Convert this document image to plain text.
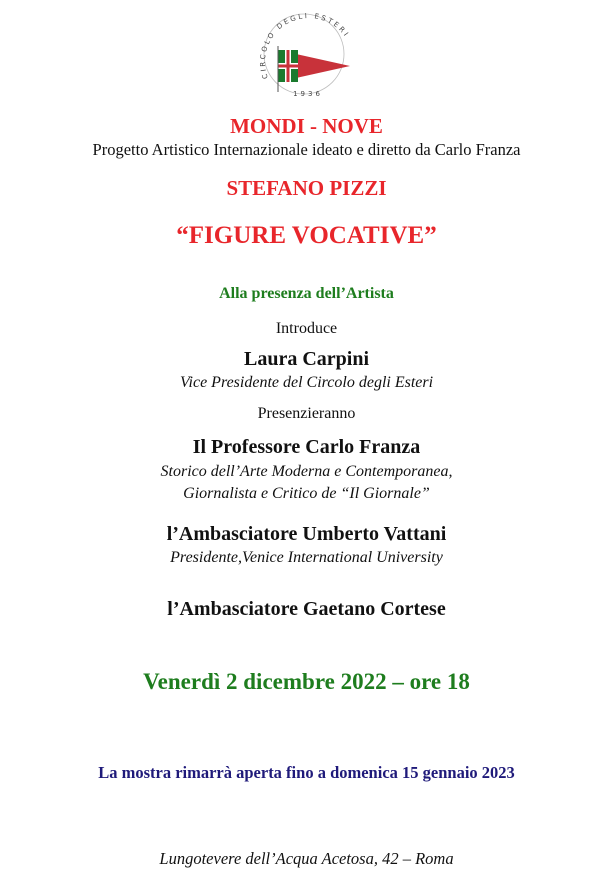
CIRCOLO DEGLI ESTERI
1936
MONDI - NOVE
Progetto Artistico Internazionale ideato e diretto da Carlo Franza
STEFANO PIZZI
“FIGURE VOCATIVE”
Alla presenza dell’Artista
Introduce
Laura Carpini
Vice Presidente del Circolo degli Esteri
Presenzieranno
Il Professore Carlo Franza
Storico dell’Arte Moderna e Contemporanea,
Giornalista e Critico de “Il Giornale”
l’Ambasciatore Umberto Vattani
Presidente,Venice International University
l’Ambasciatore Gaetano Cortese
Venerdì 2 dicembre 2022 – ore 18
La mostra rimarrà aperta fino a domenica 15 gennaio 2023
Lungotevere dell’Acqua Acetosa, 42 – Roma
